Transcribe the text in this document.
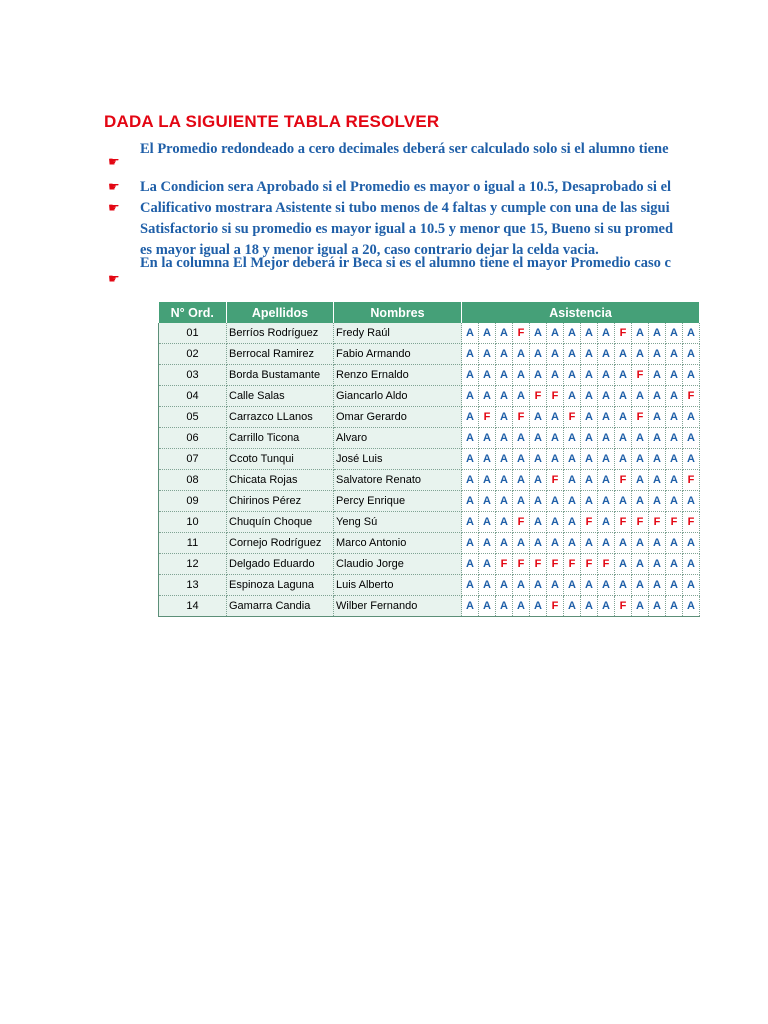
DADA LA SIGUIENTE TABLA RESOLVER
☛
El Promedio redondeado a cero decimales deberá ser calculado solo si el alumno tiene
☛	La Condicion sera Aprobado si el Promedio es mayor o igual a 10.5, Desaprobado si el
☛	Calificativo mostrara Asistente si tubo menos de 4 faltas y cumple con una de las sigui
Satisfactorio si su promedio es mayor igual a 10.5 y menor que 15, Bueno si su promed
es mayor igual a 18 y menor igual a 20, caso contrario dejar la celda vacia.
☛
En la columna El Mejor deberá ir Beca si es el alumno tiene el mayor Promedio caso c
N° Ord.	Apellidos	Nombres	Asistencia													
01	Berríos Rodríguez	Fredy Raúl	A	A	A	F	A	A	A	A	A	F	A	A	A	A
02	Berrocal Ramirez	Fabio Armando	A	A	A	A	A	A	A	A	A	A	A	A	A	A
03	Borda Bustamante	Renzo Ernaldo	A	A	A	A	A	A	A	A	A	A	F	A	A	A
04	Calle Salas	Giancarlo Aldo	A	A	A	A	F	F	A	A	A	A	A	A	A	F
05	Carrazco LLanos	Omar Gerardo	A	F	A	F	A	A	F	A	A	A	F	A	A	A
06	Carrillo Ticona	Alvaro	A	A	A	A	A	A	A	A	A	A	A	A	A	A
07	Ccoto Tunqui	José Luis	A	A	A	A	A	A	A	A	A	A	A	A	A	A
08	Chicata Rojas	Salvatore Renato	A	A	A	A	A	F	A	A	A	F	A	A	A	F
09	Chirinos Pérez	Percy Enrique	A	A	A	A	A	A	A	A	A	A	A	A	A	A
10	Chuquín Choque	Yeng Sú	A	A	A	F	A	A	A	F	A	F	F	F	F	F
11	Cornejo Rodríguez	Marco Antonio	A	A	A	A	A	A	A	A	A	A	A	A	A	A
12	Delgado Eduardo	Claudio Jorge	A	A	F	F	F	F	F	F	F	A	A	A	A	A
13	Espinoza Laguna	Luis Alberto	A	A	A	A	A	A	A	A	A	A	A	A	A	A
14	Gamarra Candia	Wilber Fernando	A	A	A	A	A	F	A	A	A	F	A	A	A	A
